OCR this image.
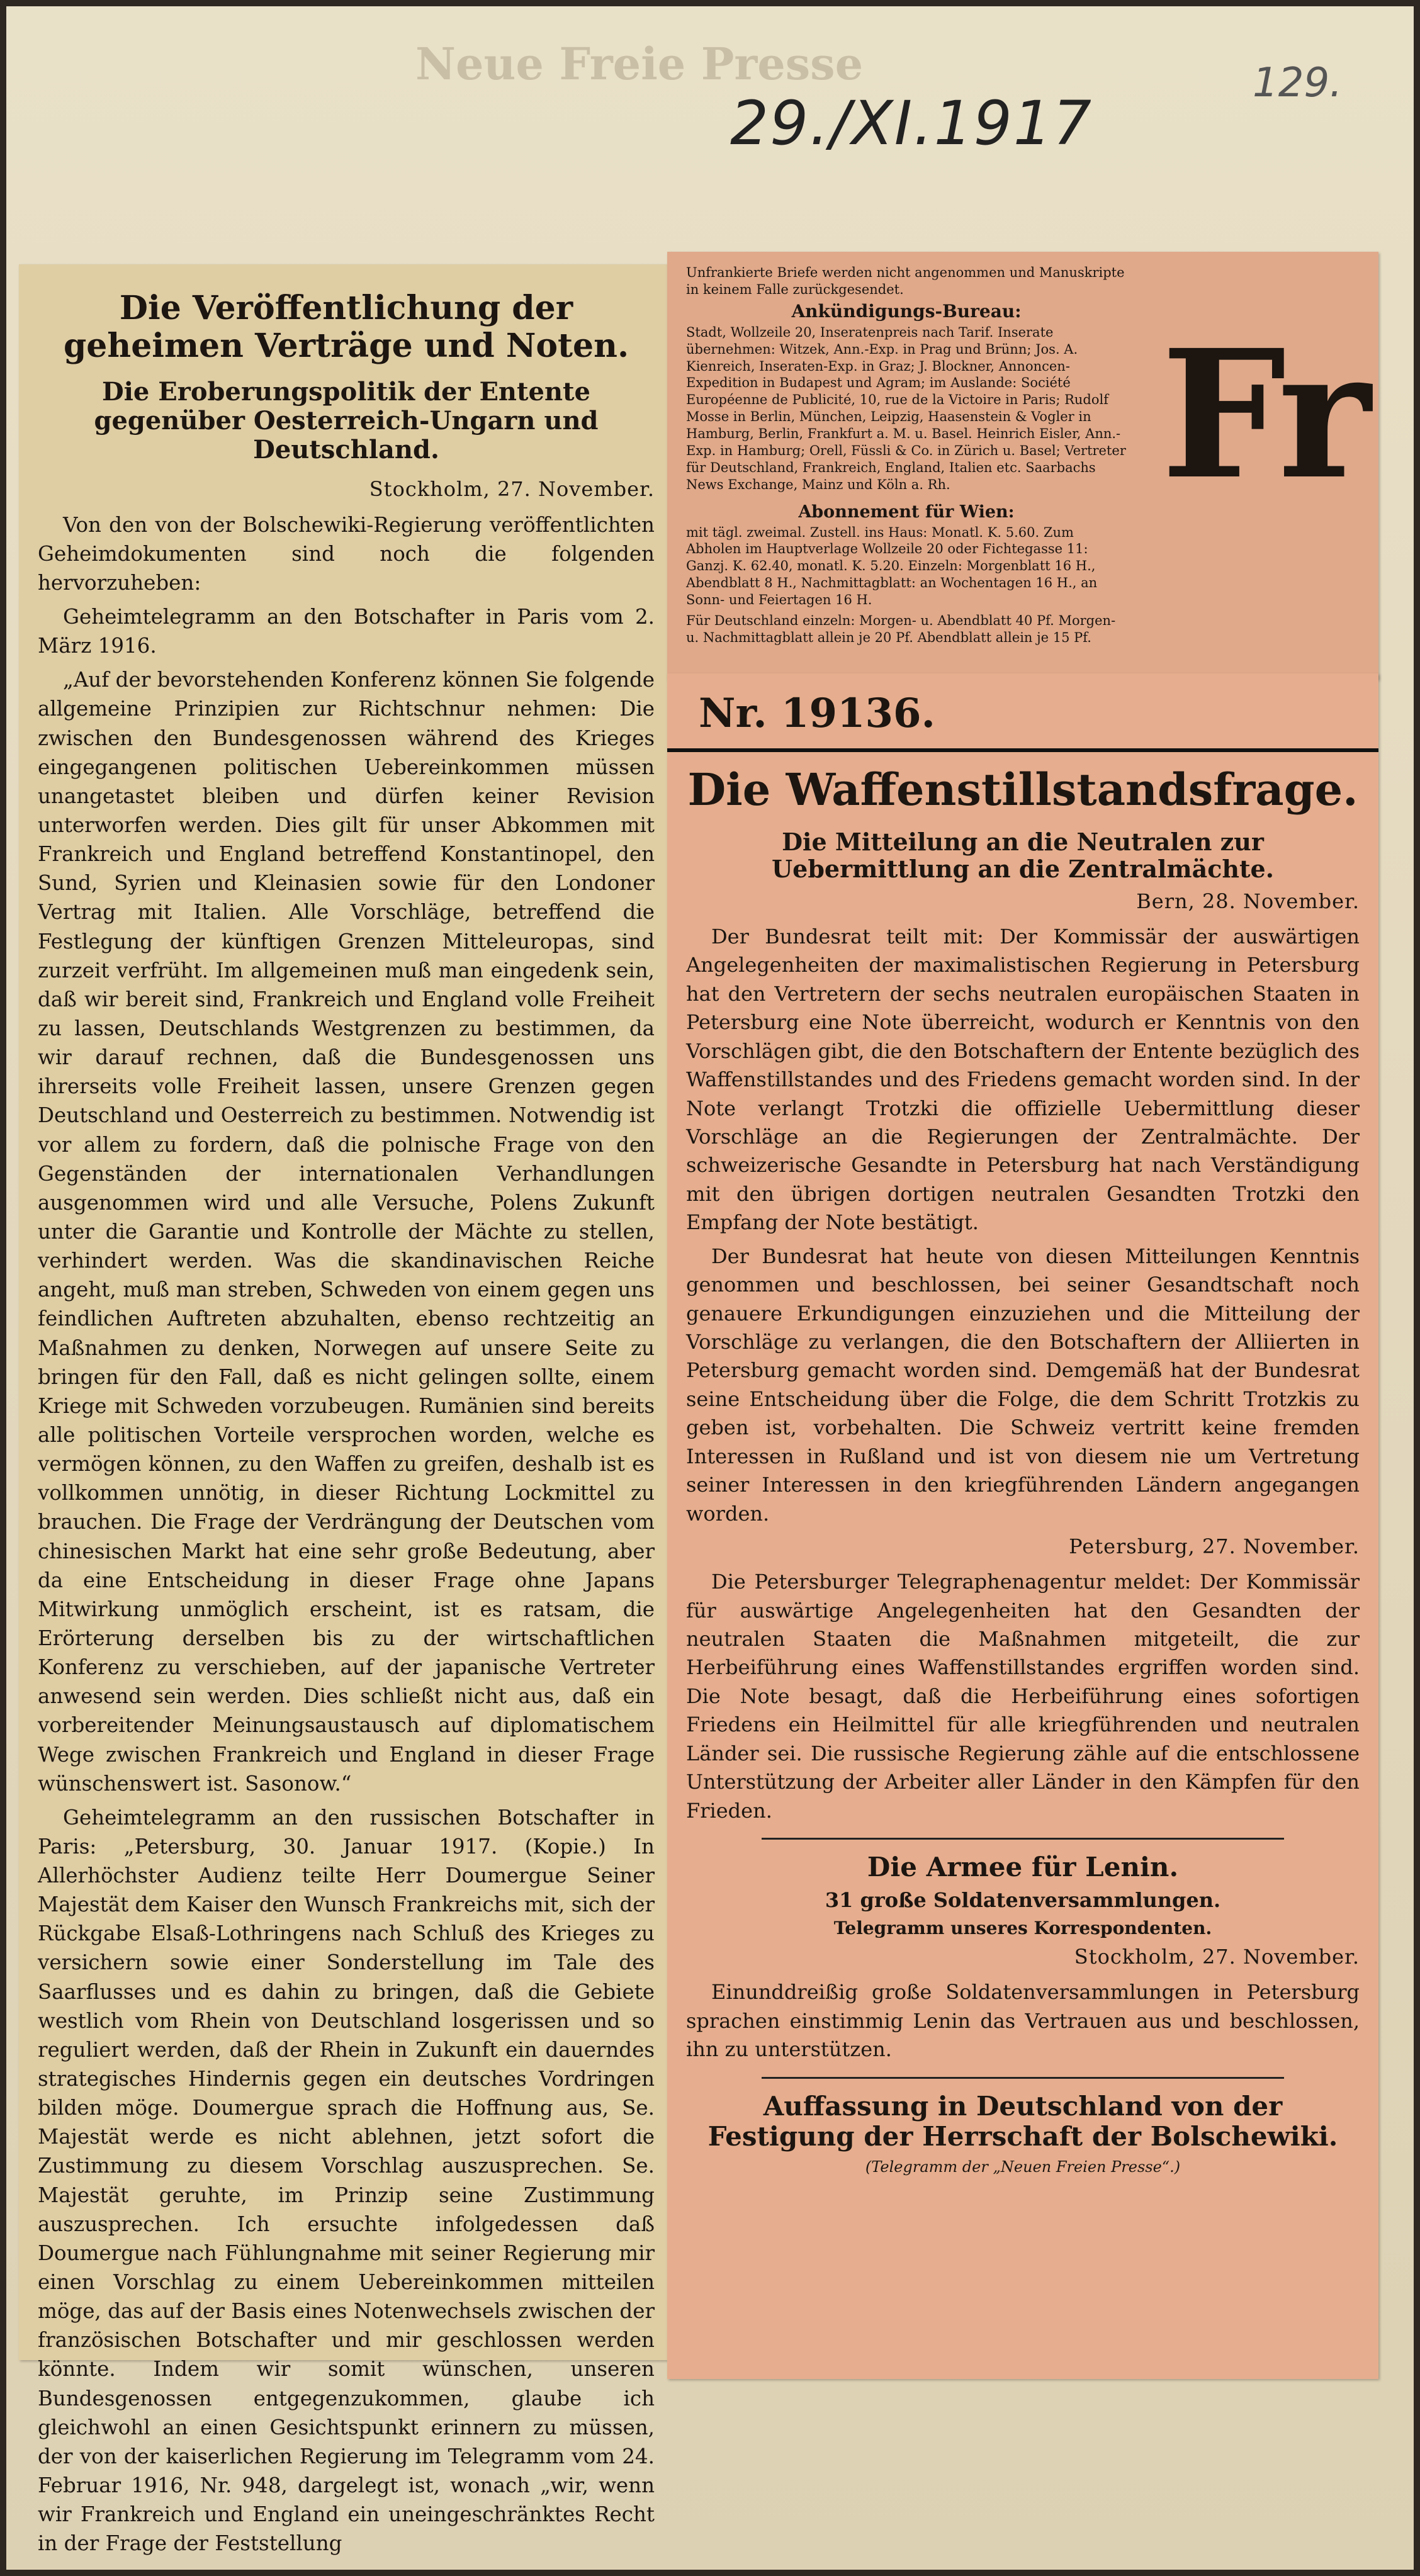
Neue Freie Presse
29./XI.1917
129.
Die Veröffentlichung der geheimen Verträge und Noten.
Die Eroberungspolitik der Entente gegenüber Oesterreich-Ungarn und Deutschland.
Stockholm, 27. November.

Von den von der Bolschewiki-Regierung veröffentlichten Geheimdokumenten sind noch die folgenden hervorzuheben:

Geheimtelegramm an den Botschafter in Paris vom 2. März 1916.

„Auf der bevorstehenden Konferenz können Sie folgende allgemeine Prinzipien zur Richtschnur nehmen: Die zwischen den Bundesgenossen während des Krieges eingegangenen politischen Uebereinkommen müssen unangetastet bleiben und dürfen keiner Revision unterworfen werden. Dies gilt für unser Abkommen mit Frankreich und England betreffend Konstantinopel, den Sund, Syrien und Kleinasien sowie für den Londoner Vertrag mit Italien. Alle Vorschläge, betreffend die Festlegung der künftigen Grenzen Mitteleuropas, sind zurzeit verfrüht. Im allgemeinen muß man eingedenk sein, daß wir bereit sind, Frankreich und England volle Freiheit zu lassen, Deutschlands Westgrenzen zu bestimmen, da wir darauf rechnen, daß die Bundesgenossen uns ihrerseits volle Freiheit lassen, unsere Grenzen gegen Deutschland und Oesterreich zu bestimmen. Notwendig ist vor allem zu fordern, daß die polnische Frage von den Gegenständen der internationalen Verhandlungen ausgenommen wird und alle Versuche, Polens Zukunft unter die Garantie und Kontrolle der Mächte zu stellen, verhindert werden. Was die skandinavischen Reiche angeht, muß man streben, Schweden von einem gegen uns feindlichen Auftreten abzuhalten, ebenso rechtzeitig an Maßnahmen zu denken, Norwegen auf unsere Seite zu bringen für den Fall, daß es nicht gelingen sollte, einem Kriege mit Schweden vorzubeugen. Rumänien sind bereits alle politischen Vorteile versprochen worden, welche es vermögen können, zu den Waffen zu greifen, deshalb ist es vollkommen unnötig, in dieser Richtung Lockmittel zu brauchen. Die Frage der Verdrängung der Deutschen vom chinesischen Markt hat eine sehr große Bedeutung, aber da eine Entscheidung in dieser Frage ohne Japans Mitwirkung unmöglich erscheint, ist es ratsam, die Erörterung derselben bis zu der wirtschaftlichen Konferenz zu verschieben, auf der japanische Vertreter anwesend sein werden. Dies schließt nicht aus, daß ein vorbereitender Meinungsaustausch auf diplomatischem Wege zwischen Frankreich und England in dieser Frage wünschenswert ist. Sasonow.“

Geheimtelegramm an den russischen Botschafter in Paris: „Petersburg, 30. Januar 1917. (Kopie.) In Allerhöchster Audienz teilte Herr Doumergue Seiner Majestät dem Kaiser den Wunsch Frankreichs mit, sich der Rückgabe Elsaß-Lothringens nach Schluß des Krieges zu versichern sowie einer Sonderstellung im Tale des Saarflusses und es dahin zu bringen, daß die Gebiete westlich vom Rhein von Deutschland losgerissen und so reguliert werden, daß der Rhein in Zukunft ein dauerndes strategisches Hindernis gegen ein deutsches Vordringen bilden möge. Doumergue sprach die Hoffnung aus, Se. Majestät werde es nicht ablehnen, jetzt sofort die Zustimmung zu diesem Vorschlag auszusprechen. Se. Majestät geruhte, im Prinzip seine Zustimmung auszusprechen. Ich ersuchte infolgedessen daß Doumergue nach Fühlungnahme mit seiner Regierung mir einen Vorschlag zu einem Uebereinkommen mitteilen möge, das auf der Basis eines Notenwechsels zwischen der französischen Botschafter und mir geschlossen werden könnte. Indem wir somit wünschen, unseren Bundesgenossen entgegenzukommen, glaube ich gleichwohl an einen Gesichtspunkt erinnern zu müssen, der von der kaiserlichen Regierung im Telegramm vom 24. Februar 1916, Nr. 948, dargelegt ist, wonach „wir, wenn wir Frankreich und England ein uneingeschränktes Recht in der Frage der Feststellung

Unfrankierte Briefe werden nicht angenommen und Manuskripte in keinem Falle zurückgesendet.

Ankündigungs-Bureau:

Stadt, Wollzeile 20, Inseratenpreis nach Tarif. Inserate übernehmen: Witzek, Ann.-Exp. in Prag und Brünn; Jos. A. Kienreich, Inseraten-Exp. in Graz; J. Blockner, Annoncen-Expedition in Budapest und Agram; im Auslande: Société Européenne de Publicité, 10, rue de la Victoire in Paris; Rudolf Mosse in Berlin, München, Leipzig, Haasenstein & Vogler in Hamburg, Berlin, Frankfurt a. M. u. Basel. Heinrich Eisler, Ann.-Exp. in Hamburg; Orell, Füssli & Co. in Zürich u. Basel; Vertreter für Deutschland, Frankreich, England, Italien etc. Saarbachs News Exchange, Mainz und Köln a. Rh.

Abonnement für Wien:

mit tägl. zweimal. Zustell. ins Haus: Monatl. K. 5.60. Zum Abholen im Hauptverlage Wollzeile 20 oder Fichtegasse 11: Ganzj. K. 62.40, monatl. K. 5.20. Einzeln: Morgenblatt 16 H., Abendblatt 8 H., Nachmittagblatt: an Wochentagen 16 H., an Sonn- und Feiertagen 16 H.

Für Deutschland einzeln: Morgen- u. Abendblatt 40 Pf. Morgen- u. Nachmittagblatt allein je 20 Pf. Abendblatt allein je 15 Pf.

Fr
Nr. 19136.
Die Waffenstillstandsfrage.
Die Mitteilung an die Neutralen zur Uebermittlung an die Zentralmächte.
Bern, 28. November.

Der Bundesrat teilt mit: Der Kommissär der auswärtigen Angelegenheiten der maximalistischen Regierung in Petersburg hat den Vertretern der sechs neutralen europäischen Staaten in Petersburg eine Note überreicht, wodurch er Kenntnis von den Vorschlägen gibt, die den Botschaftern der Entente bezüglich des Waffenstillstandes und des Friedens gemacht worden sind. In der Note verlangt Trotzki die offizielle Uebermittlung dieser Vorschläge an die Regierungen der Zentralmächte. Der schweizerische Gesandte in Petersburg hat nach Verständigung mit den übrigen dortigen neutralen Gesandten Trotzki den Empfang der Note bestätigt.

Der Bundesrat hat heute von diesen Mitteilungen Kenntnis genommen und beschlossen, bei seiner Gesandtschaft noch genauere Erkundigungen einzuziehen und die Mitteilung der Vorschläge zu verlangen, die den Botschaftern der Alliierten in Petersburg gemacht worden sind. Demgemäß hat der Bundesrat seine Entscheidung über die Folge, die dem Schritt Trotzkis zu geben ist, vorbehalten. Die Schweiz vertritt keine fremden Interessen in Rußland und ist von diesem nie um Vertretung seiner Interessen in den kriegführenden Ländern angegangen worden.

Petersburg, 27. November.

Die Petersburger Telegraphenagentur meldet: Der Kommissär für auswärtige Angelegenheiten hat den Gesandten der neutralen Staaten die Maßnahmen mitgeteilt, die zur Herbeiführung eines Waffenstillstandes ergriffen worden sind. Die Note besagt, daß die Herbeiführung eines sofortigen Friedens ein Heilmittel für alle kriegführenden und neutralen Länder sei. Die russische Regierung zähle auf die entschlossene Unterstützung der Arbeiter aller Länder in den Kämpfen für den Frieden.

Die Armee für Lenin.
31 große Soldatenversammlungen.
Telegramm unseres Korrespondenten.
Stockholm, 27. November.

Einunddreißig große Soldatenversammlungen in Petersburg sprachen einstimmig Lenin das Vertrauen aus und beschlossen, ihn zu unterstützen.

Auffassung in Deutschland von der Festigung der Herrschaft der Bolschewiki.
(Telegramm der „Neuen Freien Presse“.)
